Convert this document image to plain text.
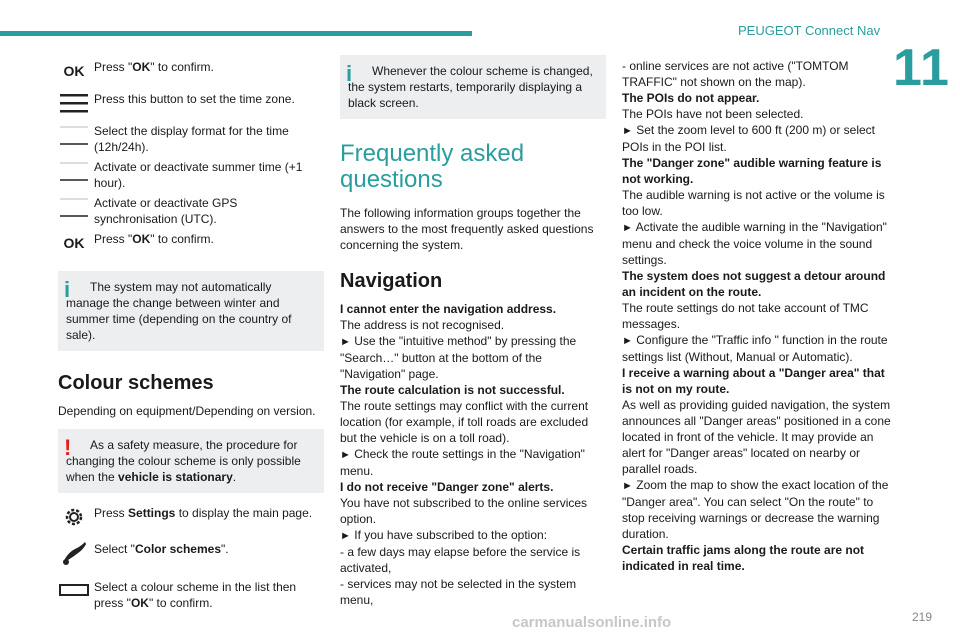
PEUGEOT Connect Nav
11
219
carmanualsonline.info
OK Press "OK" to confirm.
Press this button to set the time zone.
Select the display format for the time (12h/24h).
Activate or deactivate summer time (+1 hour).
Activate or deactivate GPS synchronisation (UTC).
OK Press "OK" to confirm.
i	The system may not automatically manage the change between winter and summer time (depending on the country of sale).

Colour schemes

Depending on equipment/Depending on version.

!	As a safety measure, the procedure for changing the colour scheme is only possible when the vehicle is stationary.

Press Settings to display the main page.
Select "Color schemes".
Select a colour scheme in the list then press "OK" to confirm.
i	Whenever the colour scheme is changed, the system restarts, temporarily displaying a black screen.

Frequently asked questions

The following information groups together the answers to the most frequently asked questions concerning the system.

Navigation

I cannot enter the navigation address.

The address is not recognised.

► Use the "intuitive method" by pressing the "Search…" button at the bottom of the "Navigation" page.

The route calculation is not successful.

The route settings may conflict with the current location (for example, if toll roads are excluded but the vehicle is on a toll road).

► Check the route settings in the "Navigation" menu.

I do not receive "Danger zone" alerts.

You have not subscribed to the online services option.

► If you have subscribed to the option:

- a few days may elapse before the service is activated,

- services may not be selected in the system menu,

- online services are not active ("TOMTOM TRAFFIC" not shown on the map).

The POIs do not appear.

The POIs have not been selected.

► Set the zoom level to 600 ft (200 m) or select POIs in the POI list.

The "Danger zone" audible warning feature is not working.

The audible warning is not active or the volume is too low.

► Activate the audible warning in the "Navigation" menu and check the voice volume in the sound settings.

The system does not suggest a detour around an incident on the route.

The route settings do not take account of TMC messages.

► Configure the "Traffic info " function in the route settings list (Without, Manual or Automatic).

I receive a warning about a "Danger area" that is not on my route.

As well as providing guided navigation, the system announces all "Danger areas" positioned in a cone located in front of the vehicle. It may provide an alert for "Danger areas" located on nearby or parallel roads.

► Zoom the map to show the exact location of the "Danger area". You can select "On the route" to stop receiving warnings or decrease the warning duration.

Certain traffic jams along the route are not indicated in real time.
